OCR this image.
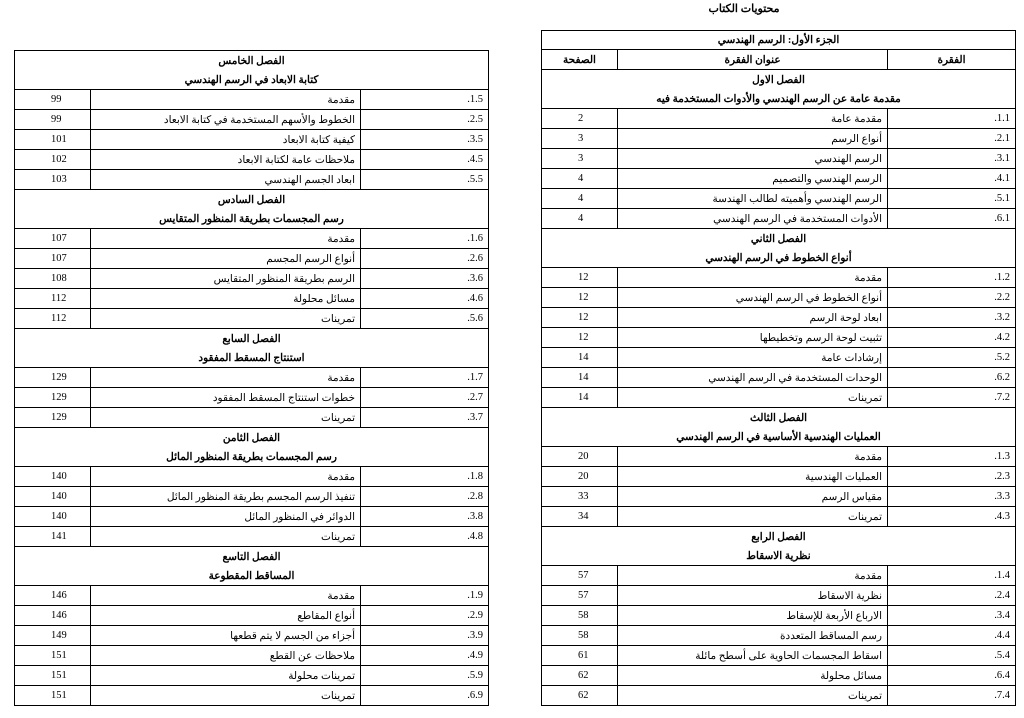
محتويات الكتاب
الجزء الأول: الرسم الهندسي		
الفقرة	عنوان الفقرة	الصفحة
الفصل الاول		
مقدمة عامة عن الرسم الهندسي والأدوات المستخدمة فيه		
1.1.	مقدمة عامة	2
2.1.	أنواع الرسم	3
3.1.	الرسم الهندسي	3
4.1.	الرسم الهندسي والتصميم	4
5.1.	الرسم الهندسي وأهميته لطالب الهندسة	4
6.1.	الأدوات المستخدمة في الرسم الهندسي	4
الفصل الثاني		
أنواع الخطوط في الرسم الهندسي		
1.2.	مقدمة	12
2.2.	أنواع الخطوط في الرسم الهندسي	12
3.2.	ابعاد لوحة الرسم	12
4.2.	تثبيت لوحة الرسم وتخطيطها	12
5.2.	إرشادات عامة	14
6.2.	الوحدات المستخدمة في الرسم الهندسي	14
7.2.	تمرينات	14
الفصل الثالث		
العمليات الهندسية الأساسية في الرسم الهندسي		
1.3.	مقدمة	20
2.3.	العمليات الهندسية	20
3.3.	مقياس الرسم	33
4.3.	تمرينات	34
الفصل الرابع		
نظرية الاسقاط		
1.4.	مقدمة	57
2.4.	نظرية الاسقاط	57
3.4.	الارباع الأربعة للإسقاط	58
4.4.	رسم المساقط المتعددة	58
5.4.	اسقاط المجسمات الحاوية على أسطح مائلة	61
6.4.	مسائل محلولة	62
7.4.	تمرينات	62
الفصل الخامس		
كتابة الابعاد في الرسم الهندسي		
1.5.	مقدمة	99
2.5.	الخطوط والأسهم المستخدمة في كتابة الابعاد	99
3.5.	كيفية كتابة الابعاد	101
4.5.	ملاحظات عامة لكتابة الابعاد	102
5.5.	ابعاد الجسم الهندسي	103
الفصل السادس		
رسم المجسمات بطريقة المنظور المتقايس		
1.6.	مقدمة	107
2.6.	أنواع الرسم المجسم	107
3.6.	الرسم بطريقة المنظور المتقايس	108
4.6.	مسائل محلولة	112
5.6.	تمرينات	112
الفصل السابع		
استنتاج المسقط المفقود		
1.7.	مقدمة	129
2.7.	خطوات استنتاج المسقط المفقود	129
3.7.	تمرينات	129
الفصل الثامن		
رسم المجسمات بطريقة المنظور المائل		
1.8.	مقدمة	140
2.8.	تنفيذ الرسم المجسم بطريقة المنظور المائل	140
3.8.	الدوائر في المنظور المائل	140
4.8.	تمرينات	141
الفصل التاسع		
المساقط المقطوعة		
1.9.	مقدمة	146
2.9.	أنواع المقاطع	146
3.9.	أجزاء من الجسم لا يتم قطعها	149
4.9.	ملاحظات عن القطع	151
5.9.	تمرينات محلولة	151
6.9.	تمرينات	151
